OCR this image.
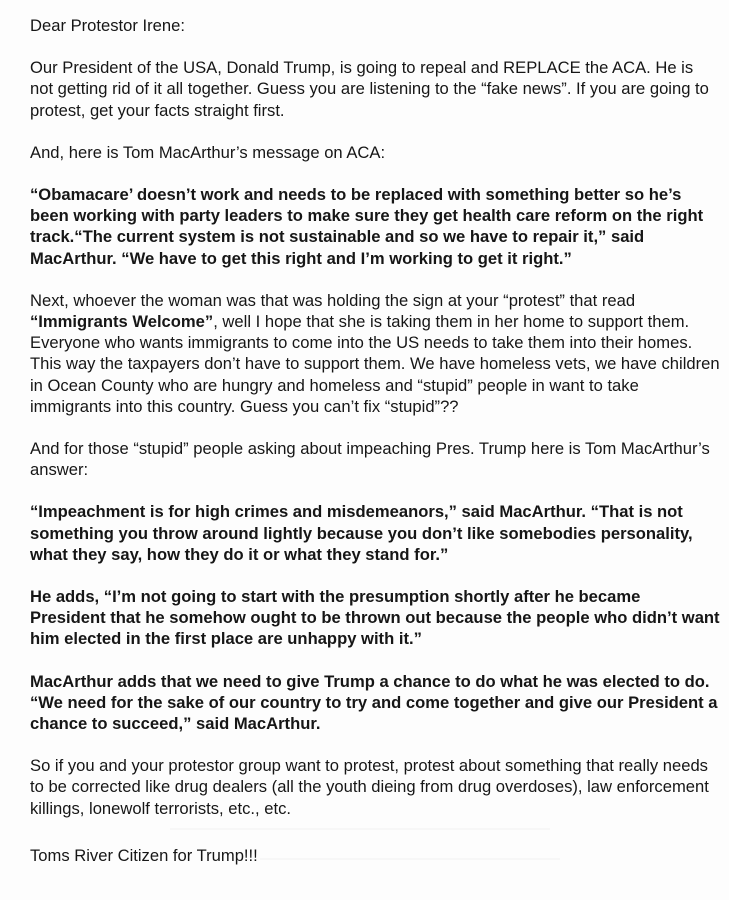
Dear Protestor Irene:

Our President of the USA, Donald Trump, is going to repeal and REPLACE the ACA. He is not getting rid of it all together. Guess you are listening to the “fake news”. If you are going to protest, get your facts straight first.

And, here is Tom MacArthur’s message on ACA:

“Obamacare’ doesn’t work and needs to be replaced with something better so he’s been working with party leaders to make sure they get health care reform on the right track.“The current system is not sustainable and so we have to repair it,” said MacArthur. “We have to get this right and I’m working to get it right.”

Next, whoever the woman was that was holding the sign at your “protest” that read “Immigrants Welcome”, well I hope that she is taking them in her home to support them. Everyone who wants immigrants to come into the US needs to take them into their homes. This way the taxpayers don’t have to support them. We have homeless vets, we have children in Ocean County who are hungry and homeless and “stupid” people in want to take immigrants into this country. Guess you can’t fix “stupid”??

And for those “stupid” people asking about impeaching Pres. Trump here is Tom MacArthur’s answer:

“Impeachment is for high crimes and misdemeanors,” said MacArthur. “That is not something you throw around lightly because you don’t like somebodies personality, what they say, how they do it or what they stand for.”

He adds, “I’m not going to start with the presumption shortly after he became President that he somehow ought to be thrown out because the people who didn’t want him elected in the first place are unhappy with it.”

MacArthur adds that we need to give Trump a chance to do what he was elected to do. “We need for the sake of our country to try and come together and give our President a chance to succeed,” said MacArthur.

So if you and your protestor group want to protest, protest about something that really needs to be corrected like drug dealers (all the youth dieing from drug overdoses), law enforcement killings, lonewolf terrorists, etc., etc.

Toms River Citizen for Trump!!!
